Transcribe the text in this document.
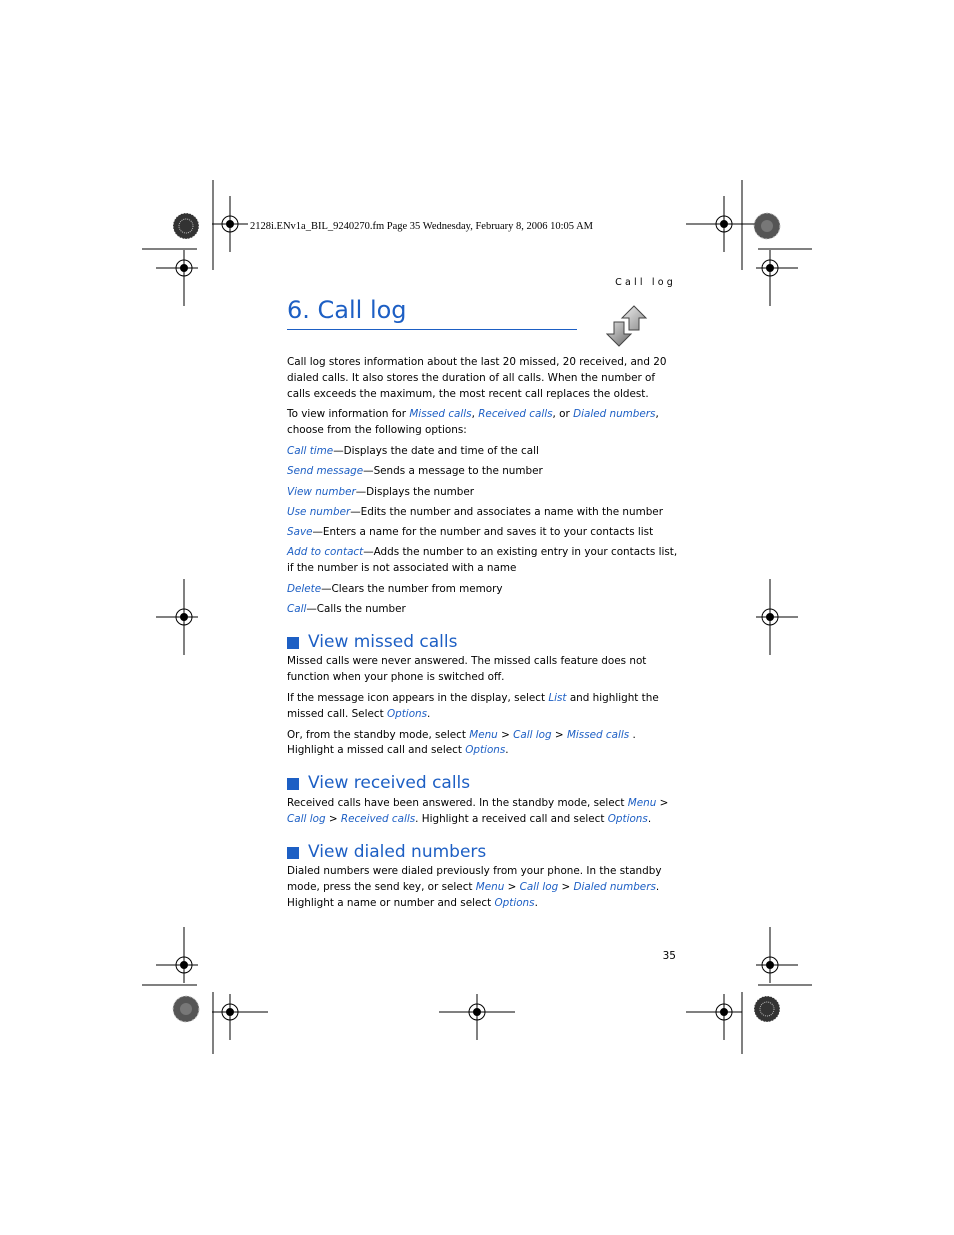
2128i.ENv1a_BIL_9240270.fm Page 35 Wednesday, February 8, 2006 10:05 AM
Call log
6. Call log

Call log stores information about the last 20 missed, 20 received, and 20 dialed calls. It also stores the duration of all calls. When the number of calls exceeds the maximum, the most recent call replaces the oldest.

To view information for Missed calls, Received calls, or Dialed numbers, choose from the following options:

Call time—Displays the date and time of the call

Send message—Sends a message to the number

View number—Displays the number

Use number—Edits the number and associates a name with the number

Save—Enters a name for the number and saves it to your contacts list

Add to contact—Adds the number to an existing entry in your contacts list, if the number is not associated with a name

Delete—Clears the number from memory

Call—Calls the number

View missed calls

Missed calls were never answered. The missed calls feature does not function when your phone is switched off.

If the message icon appears in the display, select List and highlight the missed call. Select Options.

Or, from the standby mode, select Menu > Call log > Missed calls . Highlight a missed call and select Options.

View received calls

Received calls have been answered. In the standby mode, select Menu > Call log > Received calls. Highlight a received call and select Options.

View dialed numbers

Dialed numbers were dialed previously from your phone. In the standby mode, press the send key, or select Menu > Call log > Dialed numbers. Highlight a name or number and select Options.

35
